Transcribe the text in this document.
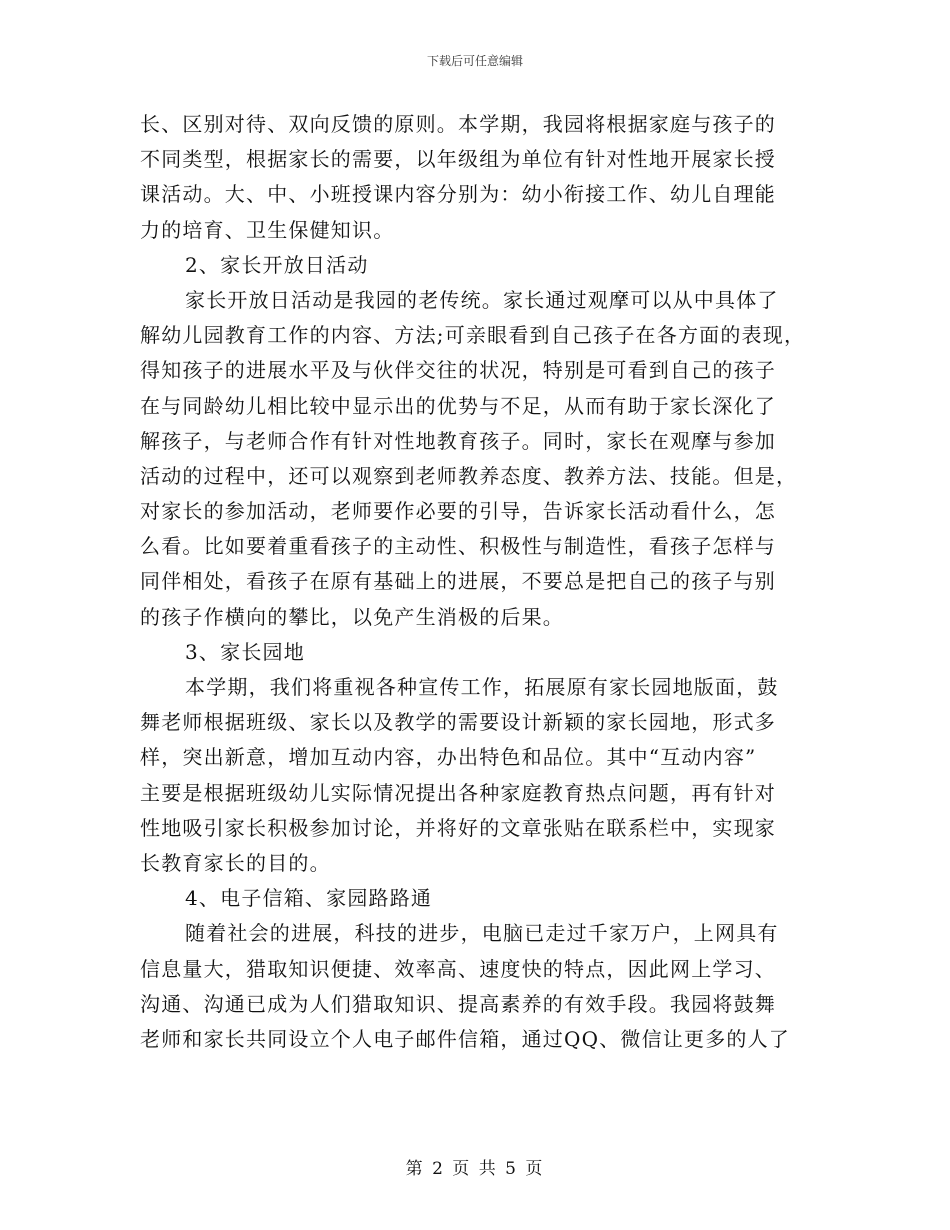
下载后可任意编辑
长、区别对待、双向反馈的原则。本学期，我园将根据家庭与孩子的
不同类型，根据家长的需要，以年级组为单位有针对性地开展家长授
课活动。大、中、小班授课内容分别为：幼小衔接工作、幼儿自理能
力的培育、卫生保健知识。
2、家长开放日活动
家长开放日活动是我园的老传统。家长通过观摩可以从中具体了
解幼儿园教育工作的内容、方法;可亲眼看到自己孩子在各方面的表现，
得知孩子的进展水平及与伙伴交往的状况，特别是可看到自己的孩子
在与同龄幼儿相比较中显示出的优势与不足，从而有助于家长深化了
解孩子，与老师合作有针对性地教育孩子。同时，家长在观摩与参加
活动的过程中，还可以观察到老师教养态度、教养方法、技能。但是，
对家长的参加活动，老师要作必要的引导，告诉家长活动看什么，怎
么看。比如要着重看孩子的主动性、积极性与制造性，看孩子怎样与
同伴相处，看孩子在原有基础上的进展，不要总是把自己的孩子与别
的孩子作横向的攀比，以免产生消极的后果。
3、家长园地
本学期，我们将重视各种宣传工作，拓展原有家长园地版面，鼓
舞老师根据班级、家长以及教学的需要设计新颖的家长园地，形式多
样，突出新意，增加互动内容，办出特色和品位。其中“互动内容”
主要是根据班级幼儿实际情况提出各种家庭教育热点问题，再有针对
性地吸引家长积极参加讨论，并将好的文章张贴在联系栏中，实现家
长教育家长的目的。
4、电子信箱、家园路路通
随着社会的进展，科技的进步，电脑已走过千家万户，上网具有
信息量大，猎取知识便捷、效率高、速度快的特点，因此网上学习、
沟通、沟通已成为人们猎取知识、提高素养的有效手段。我园将鼓舞
老师和家长共同设立个人电子邮件信箱，通过QQ、微信让更多的人了
第 2 页 共 5 页
